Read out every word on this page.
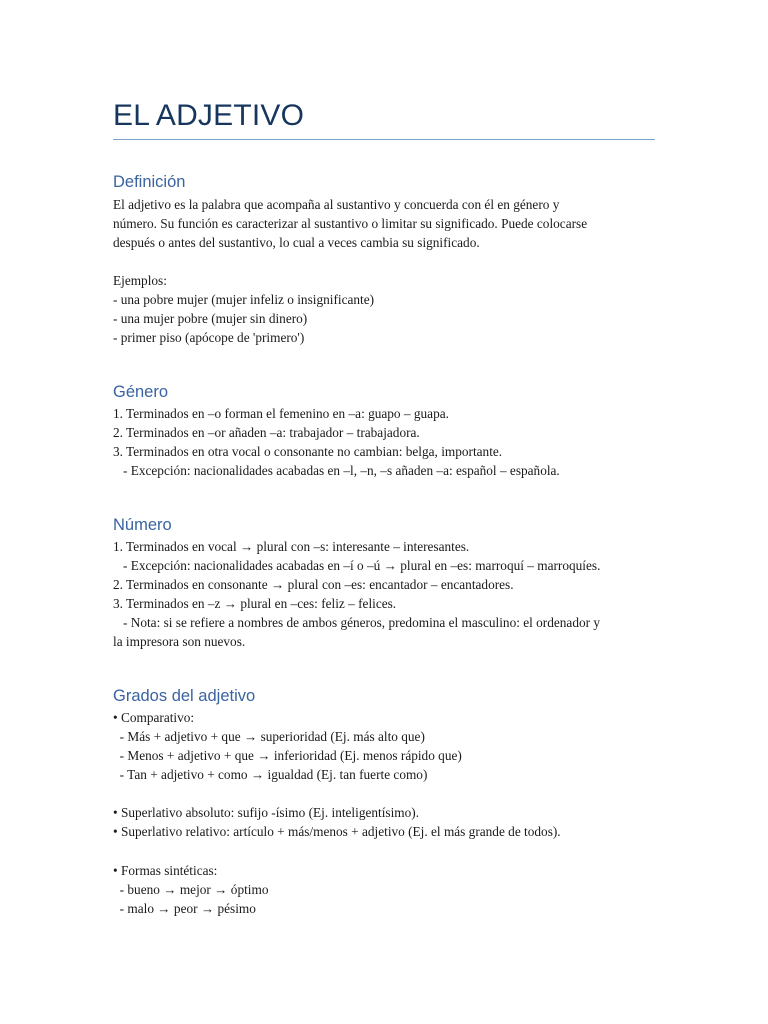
EL ADJETIVO
Definición

El adjetivo es la palabra que acompaña al sustantivo y concuerda con él en género y

número. Su función es caracterizar al sustantivo o limitar su significado. Puede colocarse

después o antes del sustantivo, lo cual a veces cambia su significado.

Ejemplos:

- una pobre mujer (mujer infeliz o insignificante)

- una mujer pobre (mujer sin dinero)

- primer piso (apócope de 'primero')

Género

1. Terminados en –o forman el femenino en –a: guapo – guapa.

2. Terminados en –or añaden –a: trabajador – trabajadora.

3. Terminados en otra vocal o consonante no cambian: belga, importante.

- Excepción: nacionalidades acabadas en –l, –n, –s añaden –a: español – española.

Número

1. Terminados en vocal → plural con –s: interesante – interesantes.

- Excepción: nacionalidades acabadas en –í o –ú → plural en –es: marroquí – marroquíes.

2. Terminados en consonante → plural con –es: encantador – encantadores.

3. Terminados en –z → plural en –ces: feliz – felices.

- Nota: si se refiere a nombres de ambos géneros, predomina el masculino: el ordenador y

la impresora son nuevos.

Grados del adjetivo

• Comparativo:

- Más + adjetivo + que → superioridad (Ej. más alto que)

- Menos + adjetivo + que → inferioridad (Ej. menos rápido que)

- Tan + adjetivo + como → igualdad (Ej. tan fuerte como)

• Superlativo absoluto: sufijo -ísimo (Ej. inteligentísimo).

• Superlativo relativo: artículo + más/menos + adjetivo (Ej. el más grande de todos).

• Formas sintéticas:

- bueno → mejor → óptimo

- malo → peor → pésimo
